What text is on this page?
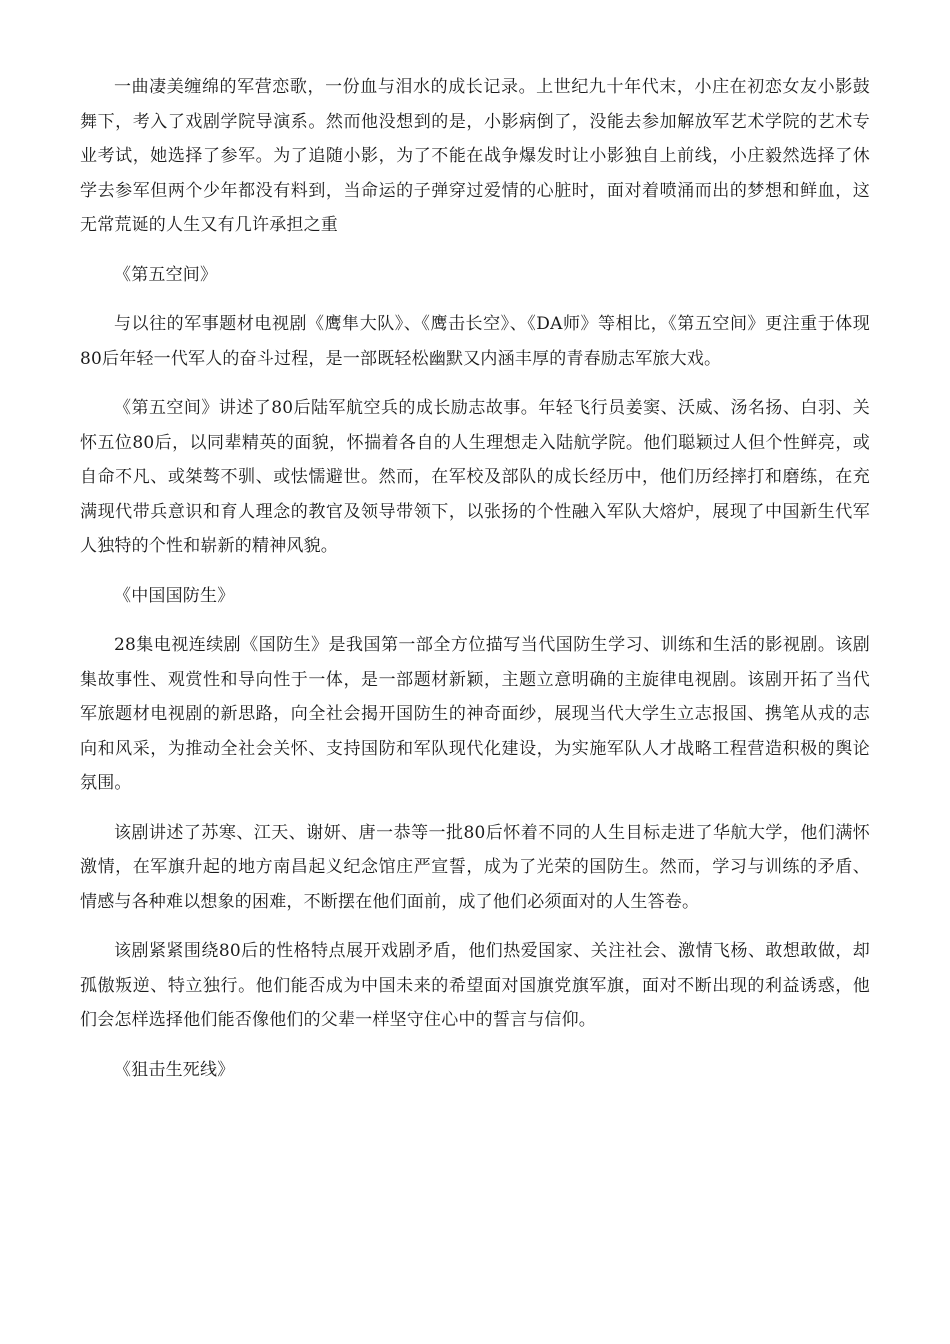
一曲凄美缠绵的军营恋歌，一份血与泪水的成长记录。上世纪九十年代末，小庄在初恋女友小影鼓舞下，考入了戏剧学院导演系。然而他没想到的是，小影病倒了，没能去参加解放军艺术学院的艺术专业考试，她选择了参军。为了追随小影，为了不能在战争爆发时让小影独自上前线，小庄毅然选择了休学去参军但两个少年都没有料到，当命运的子弹穿过爱情的心脏时，面对着喷涌而出的梦想和鲜血，这无常荒诞的人生又有几许承担之重

《第五空间》

与以往的军事题材电视剧《鹰隼大队》、《鹰击长空》、《DA师》等相比，《第五空间》更注重于体现80后年轻一代军人的奋斗过程，是一部既轻松幽默又内涵丰厚的青春励志军旅大戏。

《第五空间》讲述了80后陆军航空兵的成长励志故事。年轻飞行员姜窦、沃威、汤名扬、白羽、关怀五位80后，以同辈精英的面貌，怀揣着各自的人生理想走入陆航学院。他们聪颖过人但个性鲜亮，或自命不凡、或桀骜不驯、或怯懦避世。然而，在军校及部队的成长经历中，他们历经摔打和磨练，在充满现代带兵意识和育人理念的教官及领导带领下，以张扬的个性融入军队大熔炉，展现了中国新生代军人独特的个性和崭新的精神风貌。

《中国国防生》

28集电视连续剧《国防生》是我国第一部全方位描写当代国防生学习、训练和生活的影视剧。该剧集故事性、观赏性和导向性于一体，是一部题材新颖，主题立意明确的主旋律电视剧。该剧开拓了当代军旅题材电视剧的新思路，向全社会揭开国防生的神奇面纱，展现当代大学生立志报国、携笔从戎的志向和风采，为推动全社会关怀、支持国防和军队现代化建设，为实施军队人才战略工程营造积极的舆论氛围。

该剧讲述了苏寒、江天、谢妍、唐一恭等一批80后怀着不同的人生目标走进了华航大学，他们满怀激情，在军旗升起的地方南昌起义纪念馆庄严宣誓，成为了光荣的国防生。然而，学习与训练的矛盾、情感与各种难以想象的困难，不断摆在他们面前，成了他们必须面对的人生答卷。

该剧紧紧围绕80后的性格特点展开戏剧矛盾，他们热爱国家、关注社会、激情飞杨、敢想敢做，却孤傲叛逆、特立独行。他们能否成为中国未来的希望面对国旗党旗军旗，面对不断出现的利益诱惑，他们会怎样选择他们能否像他们的父辈一样坚守住心中的誓言与信仰。

《狙击生死线》
